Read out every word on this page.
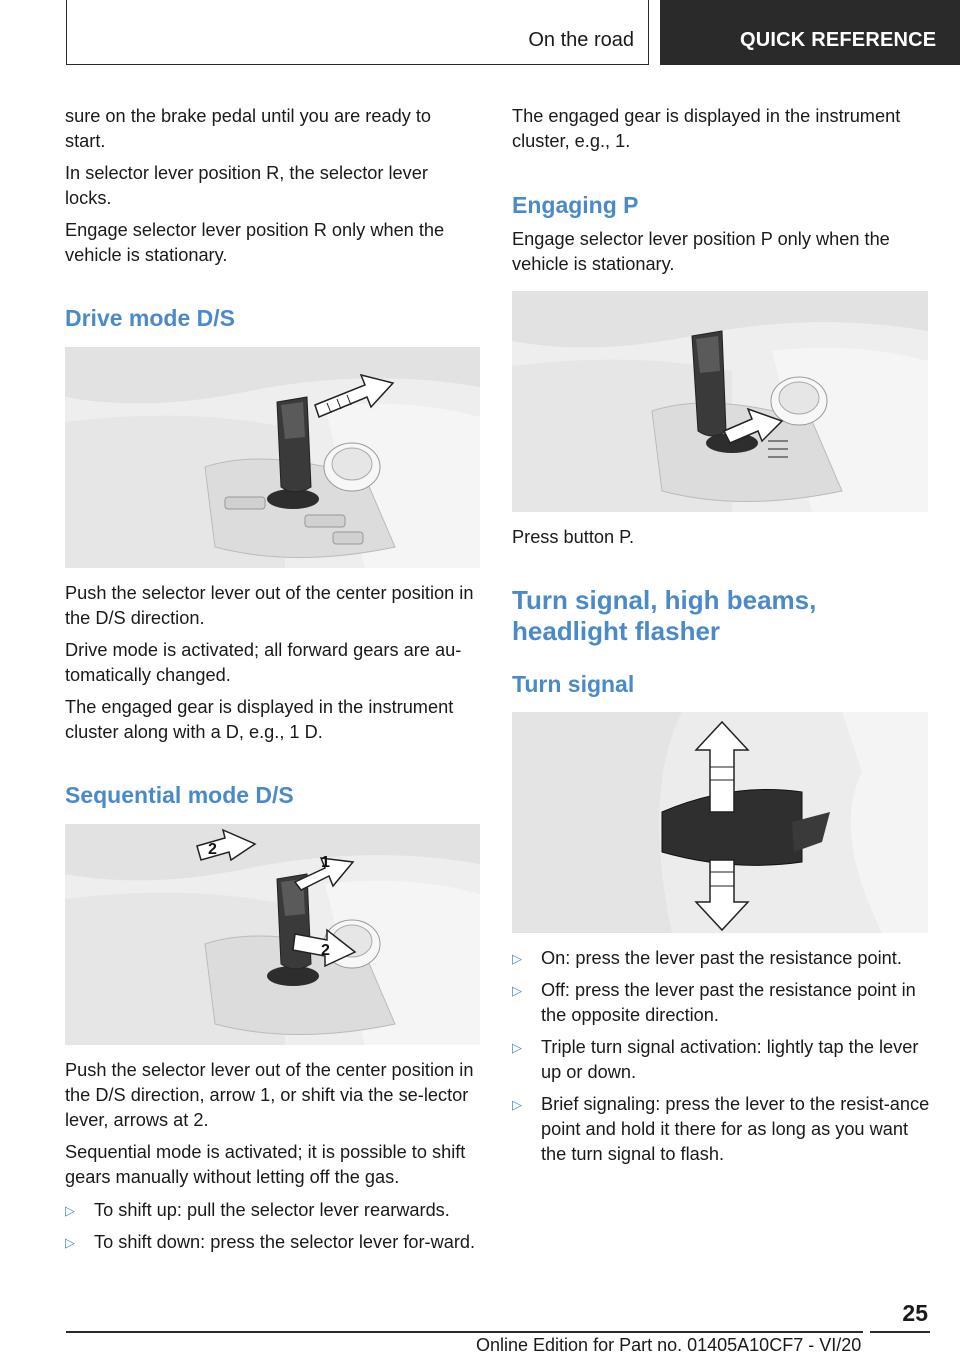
On the road	QUICK REFERENCE
sure on the brake pedal until you are ready to start.
In selector lever position R, the selector lever locks.
Engage selector lever position R only when the vehicle is stationary.
Drive mode D/S
Push the selector lever out of the center position in the D/S direction.
Drive mode is activated; all forward gears are au‐tomatically changed.
The engaged gear is displayed in the instrument cluster along with a D, e.g., 1 D.
Sequential mode D/S
2
1
2
Push the selector lever out of the center position in the D/S direction, arrow 1, or shift via the se‐lector lever, arrows at 2.
Sequential mode is activated; it is possible to shift gears manually without letting off the gas.
▷ To shift up: pull the selector lever rearwards.
▷ To shift down: press the selector lever for‐ward.
The engaged gear is displayed in the instrument cluster, e.g., 1.
Engaging P
Engage selector lever position P only when the vehicle is stationary.
Press button P.
Turn signal, high beams, headlight flasher
Turn signal
▷ On: press the lever past the resistance point.
▷ Off: press the lever past the resistance point in the opposite direction.
▷ Triple turn signal activation: lightly tap the lever up or down.
▷ Brief signaling: press the lever to the resist‐ance point and hold it there for as long as you want the turn signal to flash.
25
Online Edition for Part no. 01405A10CF7 - VI/20
